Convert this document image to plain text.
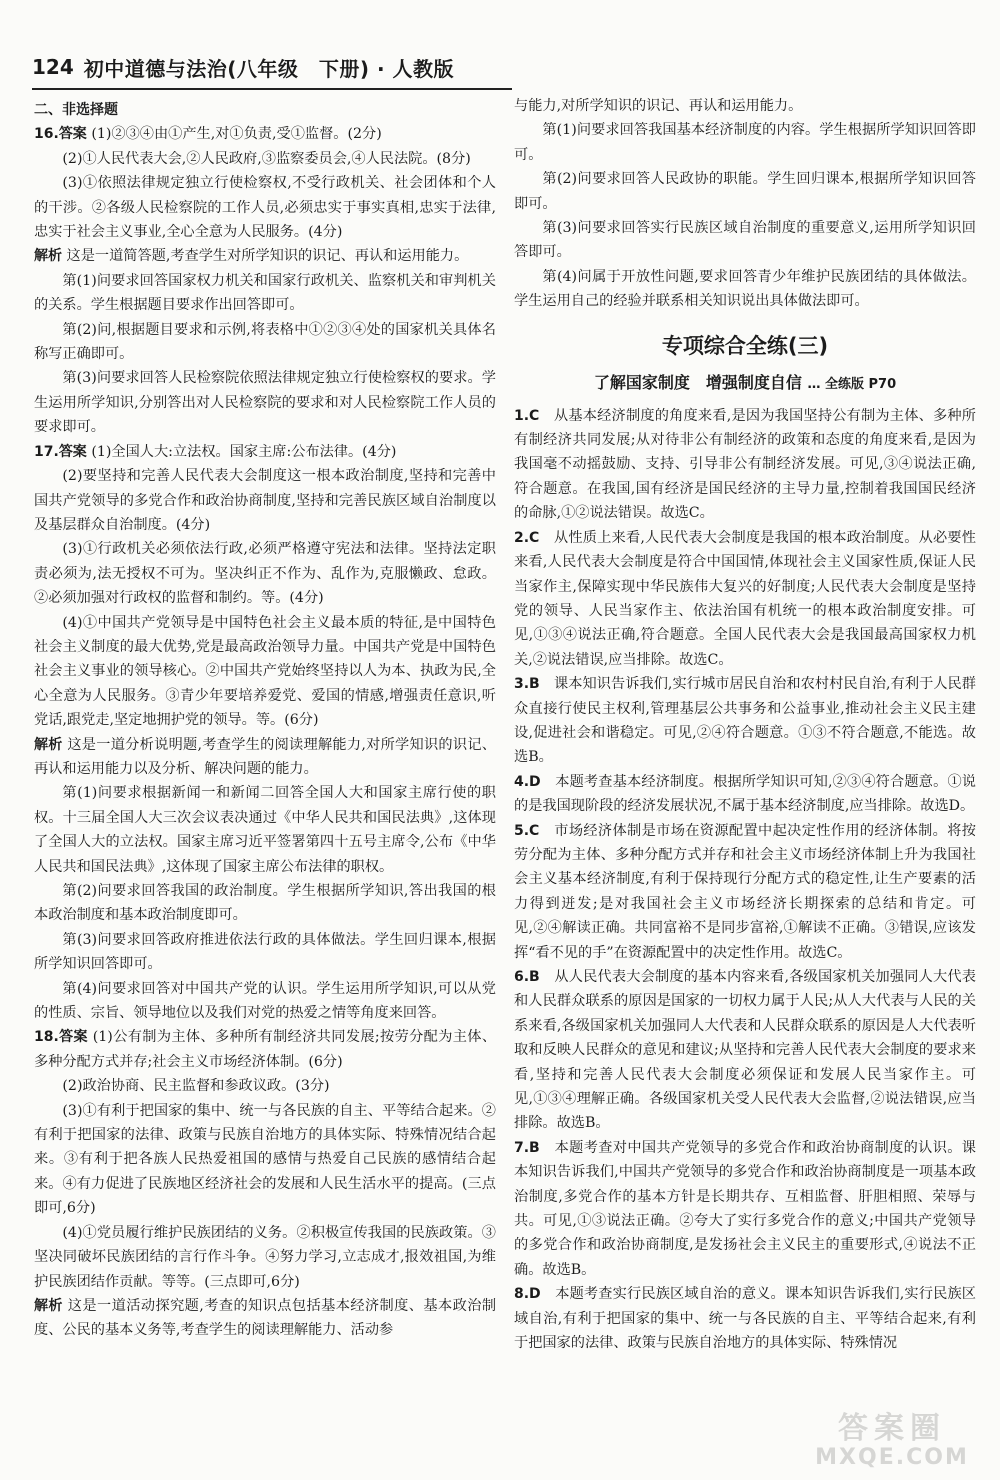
124 初中道德与法治(八年级　下册) · 人教版

二、非选择题

16.答案 (1)②③④由①产生,对①负责,受①监督。(2分)

(2)①人民代表大会,②人民政府,③监察委员会,④人民法院。(8分)

(3)①依照法律规定独立行使检察权,不受行政机关、社会团体和个人的干涉。②各级人民检察院的工作人员,必须忠实于事实真相,忠实于法律,忠实于社会主义事业,全心全意为人民服务。(4分)

解析 这是一道简答题,考查学生对所学知识的识记、再认和运用能力。

第(1)问要求回答国家权力机关和国家行政机关、监察机关和审判机关的关系。学生根据题目要求作出回答即可。

第(2)问,根据题目要求和示例,将表格中①②③④处的国家机关具体名称写正确即可。

第(3)问要求回答人民检察院依照法律规定独立行使检察权的要求。学生运用所学知识,分别答出对人民检察院的要求和对人民检察院工作人员的要求即可。

17.答案 (1)全国人大:立法权。国家主席:公布法律。(4分)

(2)要坚持和完善人民代表大会制度这一根本政治制度,坚持和完善中国共产党领导的多党合作和政治协商制度,坚持和完善民族区域自治制度以及基层群众自治制度。(4分)

(3)①行政机关必须依法行政,必须严格遵守宪法和法律。坚持法定职责必须为,法无授权不可为。坚决纠正不作为、乱作为,克服懒政、怠政。②必须加强对行政权的监督和制约。等。(4分)

(4)①中国共产党领导是中国特色社会主义最本质的特征,是中国特色社会主义制度的最大优势,党是最高政治领导力量。中国共产党是中国特色社会主义事业的领导核心。②中国共产党始终坚持以人为本、执政为民,全心全意为人民服务。③青少年要培养爱党、爱国的情感,增强责任意识,听党话,跟党走,坚定地拥护党的领导。等。(6分)

解析 这是一道分析说明题,考查学生的阅读理解能力,对所学知识的识记、再认和运用能力以及分析、解决问题的能力。

第(1)问要求根据新闻一和新闻二回答全国人大和国家主席行使的职权。十三届全国人大三次会议表决通过《中华人民共和国民法典》,这体现了全国人大的立法权。国家主席习近平签署第四十五号主席令,公布《中华人民共和国民法典》,这体现了国家主席公布法律的职权。

第(2)问要求回答我国的政治制度。学生根据所学知识,答出我国的根本政治制度和基本政治制度即可。

第(3)问要求回答政府推进依法行政的具体做法。学生回归课本,根据所学知识回答即可。

第(4)问要求回答对中国共产党的认识。学生运用所学知识,可以从党的性质、宗旨、领导地位以及我们对党的热爱之情等角度来回答。

18.答案 (1)公有制为主体、多种所有制经济共同发展;按劳分配为主体、多种分配方式并存;社会主义市场经济体制。(6分)

(2)政治协商、民主监督和参政议政。(3分)

(3)①有利于把国家的集中、统一与各民族的自主、平等结合起来。②有利于把国家的法律、政策与民族自治地方的具体实际、特殊情况结合起来。③有利于把各族人民热爱祖国的感情与热爱自己民族的感情结合起来。④有力促进了民族地区经济社会的发展和人民生活水平的提高。(三点即可,6分)

(4)①党员履行维护民族团结的义务。②积极宣传我国的民族政策。③坚决同破坏民族团结的言行作斗争。④努力学习,立志成才,报效祖国,为维护民族团结作贡献。等等。(三点即可,6分)

解析 这是一道活动探究题,考查的知识点包括基本经济制度、基本政治制度、公民的基本义务等,考查学生的阅读理解能力、活动参

与能力,对所学知识的识记、再认和运用能力。

第(1)问要求回答我国基本经济制度的内容。学生根据所学知识回答即可。

第(2)问要求回答人民政协的职能。学生回归课本,根据所学知识回答即可。

第(3)问要求回答实行民族区域自治制度的重要意义,运用所学知识回答即可。

第(4)问属于开放性问题,要求回答青少年维护民族团结的具体做法。学生运用自己的经验并联系相关知识说出具体做法即可。

专项综合全练(三)
了解国家制度　增强制度自信 … 全练版 P70

1.C　 从基本经济制度的角度来看,是因为我国坚持公有制为主体、多种所有制经济共同发展;从对待非公有制经济的政策和态度的角度来看,是因为我国毫不动摇鼓励、支持、引导非公有制经济发展。可见,③④说法正确,符合题意。在我国,国有经济是国民经济的主导力量,控制着我国国民经济的命脉,①②说法错误。故选C。

2.C　 从性质上来看,人民代表大会制度是我国的根本政治制度。从必要性来看,人民代表大会制度是符合中国国情,体现社会主义国家性质,保证人民当家作主,保障实现中华民族伟大复兴的好制度;人民代表大会制度是坚持党的领导、人民当家作主、依法治国有机统一的根本政治制度安排。可见,①③④说法正确,符合题意。全国人民代表大会是我国最高国家权力机关,②说法错误,应当排除。故选C。

3.B　 课本知识告诉我们,实行城市居民自治和农村村民自治,有利于人民群众直接行使民主权利,管理基层公共事务和公益事业,推动社会主义民主建设,促进社会和谐稳定。可见,②④符合题意。①③不符合题意,不能选。故选B。

4.D　 本题考查基本经济制度。根据所学知识可知,②③④符合题意。①说的是我国现阶段的经济发展状况,不属于基本经济制度,应当排除。故选D。

5.C　 市场经济体制是市场在资源配置中起决定性作用的经济体制。将按劳分配为主体、多种分配方式并存和社会主义市场经济体制上升为我国社会主义基本经济制度,有利于保持现行分配方式的稳定性,让生产要素的活力得到迸发;是对我国社会主义市场经济长期探索的总结和肯定。可见,②④解读正确。共同富裕不是同步富裕,①解读不正确。③错误,应该发挥“看不见的手”在资源配置中的决定性作用。故选C。

6.B　 从人民代表大会制度的基本内容来看,各级国家机关加强同人大代表和人民群众联系的原因是国家的一切权力属于人民;从人大代表与人民的关系来看,各级国家机关加强同人大代表和人民群众联系的原因是人大代表听取和反映人民群众的意见和建议;从坚持和完善人民代表大会制度的要求来看,坚持和完善人民代表大会制度必须保证和发展人民当家作主。可见,①③④理解正确。各级国家机关受人民代表大会监督,②说法错误,应当排除。故选B。

7.B　 本题考查对中国共产党领导的多党合作和政治协商制度的认识。课本知识告诉我们,中国共产党领导的多党合作和政治协商制度是一项基本政治制度,多党合作的基本方针是长期共存、互相监督、肝胆相照、荣辱与共。可见,①③说法正确。②夸大了实行多党合作的意义;中国共产党领导的多党合作和政治协商制度,是发扬社会主义民主的重要形式,④说法不正确。故选B。

8.D　 本题考查实行民族区域自治的意义。课本知识告诉我们,实行民族区域自治,有利于把国家的集中、统一与各民族的自主、平等结合起来,有利于把国家的法律、政策与民族自治地方的具体实际、特殊情况

答案圈
MXQE.COM
